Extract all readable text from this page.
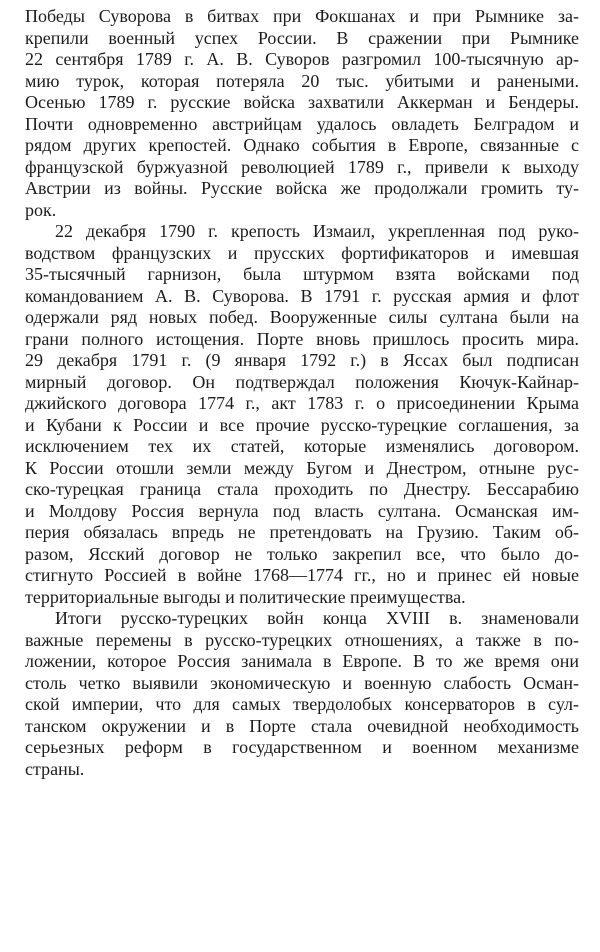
Победы Суворова в битвах при Фокшанах и при Рымнике за-
крепили военный успех России. В сражении при Рымнике
22 сентября 1789 г. А. В. Суворов разгромил 100-тысячную ар-
мию турок, которая потеряла 20 тыс. убитыми и ранеными.
Осенью 1789 г. русские войска захватили Аккерман и Бендеры.
Почти одновременно австрийцам удалось овладеть Белградом и
рядом других крепостей. Однако события в Европе, связанные с
французской буржуазной революцией 1789 г., привели к выходу
Австрии из войны. Русские войска же продолжали громить ту-
рок.
22 декабря 1790 г. крепость Измаил, укрепленная под руко-
водством французских и прусских фортификаторов и имевшая
35-тысячный гарнизон, была штурмом взята войсками под
командованием А. В. Суворова. В 1791 г. русская армия и флот
одержали ряд новых побед. Вооруженные силы султана были на
грани полного истощения. Порте вновь пришлось просить мира.
29 декабря 1791 г. (9 января 1792 г.) в Яссах был подписан
мирный договор. Он подтверждал положения Кючук-Кайнар-
джийского договора 1774 г., акт 1783 г. о присоединении Крыма
и Кубани к России и все прочие русско-турецкие соглашения, за
исключением тех их статей, которые изменялись договором.
К России отошли земли между Бугом и Днестром, отныне рус-
ско-турецкая граница стала проходить по Днестру. Бессарабию
и Молдову Россия вернула под власть султана. Османская им-
перия обязалась впредь не претендовать на Грузию. Таким об-
разом, Ясский договор не только закрепил все, что было до-
стигнуто Россией в войне 1768—1774 гг., но и принес ей новые
территориальные выгоды и политические преимущества.
Итоги русско-турецких войн конца XVIII в. знаменовали
важные перемены в русско-турецких отношениях, а также в по-
ложении, которое Россия занимала в Европе. В то же время они
столь четко выявили экономическую и военную слабость Осман-
ской империи, что для самых твердолобых консерваторов в сул-
танском окружении и в Порте стала очевидной необходимость
серьезных реформ в государственном и военном механизме
страны.
